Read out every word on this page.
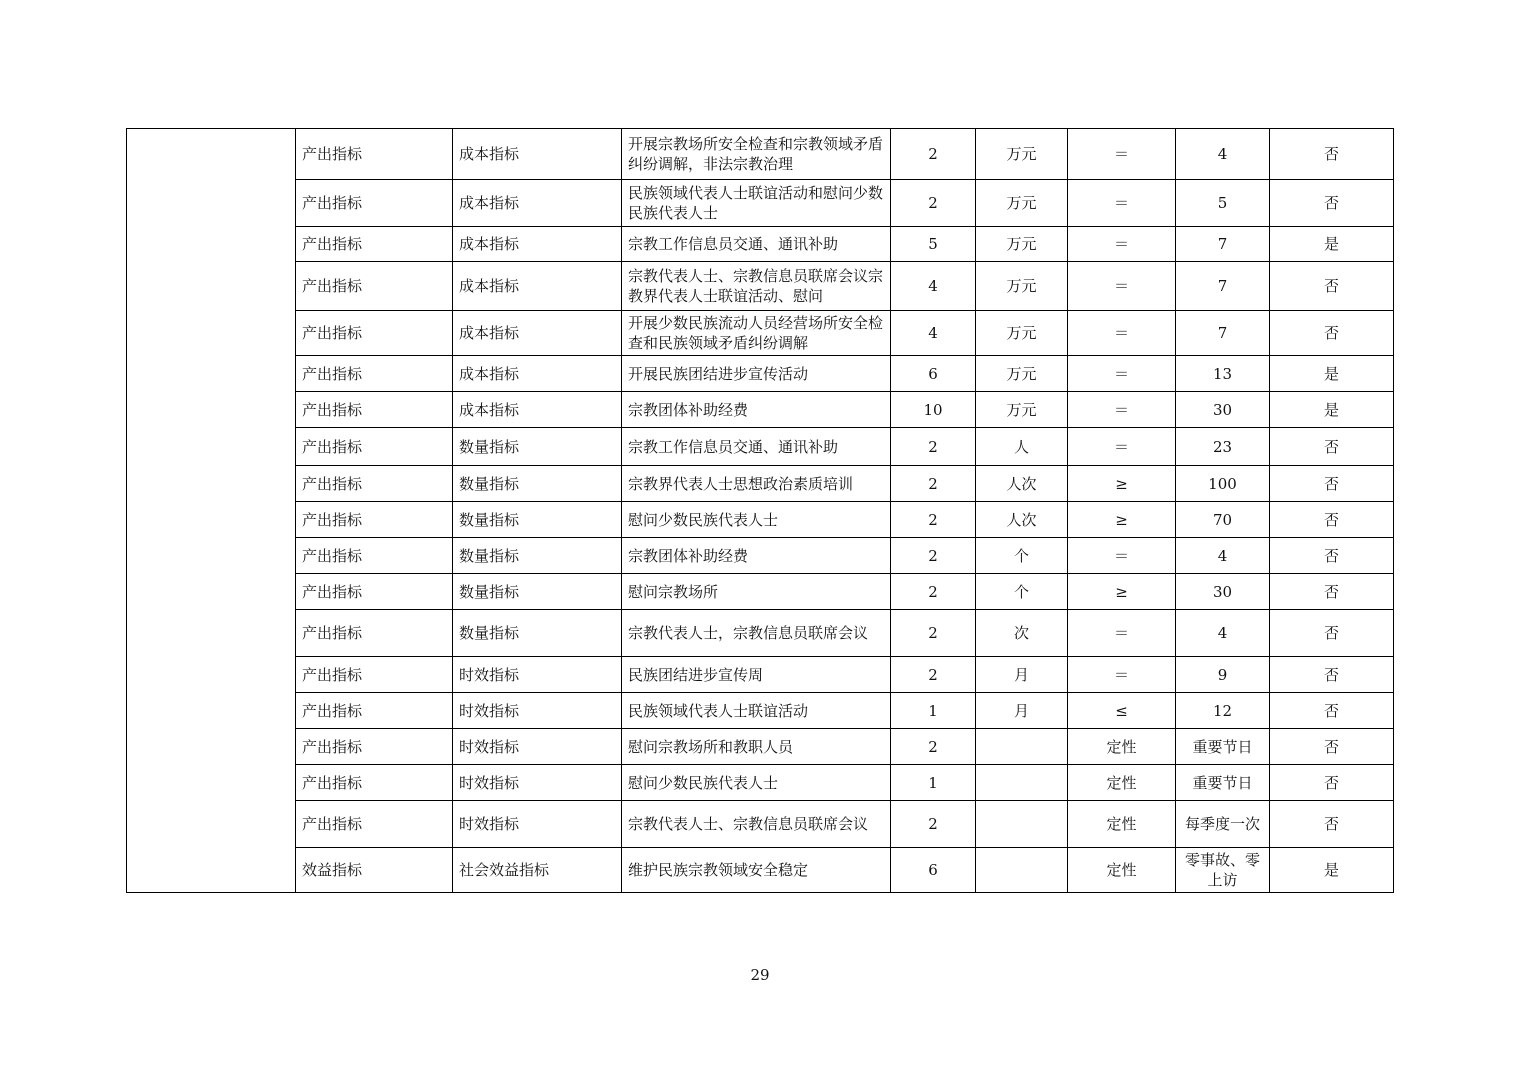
	产出指标	成本指标	开展宗教场所安全检查和宗教领域矛盾纠纷调解，非法宗教治理	2	万元	＝	4	否
	产出指标	成本指标	民族领域代表人士联谊活动和慰问少数民族代表人士	2	万元	＝	5	否
	产出指标	成本指标	宗教工作信息员交通、通讯补助	5	万元	＝	7	是
	产出指标	成本指标	宗教代表人士、宗教信息员联席会议宗教界代表人士联谊活动、慰问	4	万元	＝	7	否
	产出指标	成本指标	开展少数民族流动人员经营场所安全检查和民族领域矛盾纠纷调解	4	万元	＝	7	否
	产出指标	成本指标	开展民族团结进步宣传活动	6	万元	＝	13	是
	产出指标	成本指标	宗教团体补助经费	10	万元	＝	30	是
	产出指标	数量指标	宗教工作信息员交通、通讯补助	2	人	＝	23	否
	产出指标	数量指标	宗教界代表人士思想政治素质培训	2	人次	≥	100	否
	产出指标	数量指标	慰问少数民族代表人士	2	人次	≥	70	否
	产出指标	数量指标	宗教团体补助经费	2	个	＝	4	否
	产出指标	数量指标	慰问宗教场所	2	个	≥	30	否
	产出指标	数量指标	宗教代表人士，宗教信息员联席会议	2	次	＝	4	否
	产出指标	时效指标	民族团结进步宣传周	2	月	＝	9	否
	产出指标	时效指标	民族领域代表人士联谊活动	1	月	≤	12	否
	产出指标	时效指标	慰问宗教场所和教职人员	2		定性	重要节日	否
	产出指标	时效指标	慰问少数民族代表人士	1		定性	重要节日	否
	产出指标	时效指标	宗教代表人士、宗教信息员联席会议	2		定性	每季度一次	否
	效益指标	社会效益指标	维护民族宗教领域安全稳定	6		定性	零事故、零上访	是
29
